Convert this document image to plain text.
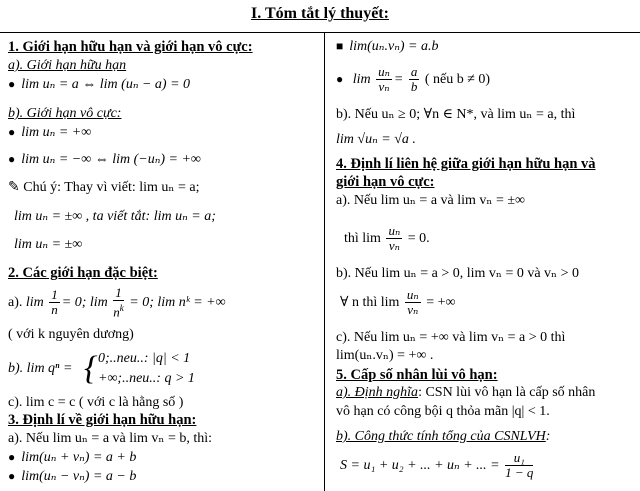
I. Tóm tắt lý thuyết:
1. Giới hạn hữu hạn và giới hạn vô cực:
a). Giới hạn hữu hạn
● lim uₙ = a ⇔ lim (uₙ − a) = 0
b). Giới hạn vô cực:
● lim uₙ = +∞
● lim uₙ = −∞ ⇔ lim (−uₙ) = +∞
✎ Chú ý: Thay vì viết: lim uₙ = a;
lim uₙ = ±∞ , ta viết tắt: lim uₙ = a;
lim uₙ = ±∞
2. Các giới hạn đặc biệt:
a). $\lim \frac{1}{n} = 0$; $\lim \frac{1}{n^k} = 0$; lim nᵏ = +∞
( với k nguyên dương)
b). lim qⁿ = { 0;..neu..: |q| < 1
+∞;..neu..: q > 1
c). lim c = c ( với c là hằng số )
3. Định lí về giới hạn hữu hạn:
a). Nếu lim uₙ = a và lim vₙ = b, thì:
● lim(uₙ + vₙ) = a + b
● lim(uₙ − vₙ) = a − b
■ lim(uₙ.vₙ) = a.b
● $\lim \frac{\text{uₙ}}{\text{vₙ}} = \frac{a}{b}$ ( nếu b ≠ 0)
b). Nếu uₙ ≥ 0; ∀n ∈ N*, và lim uₙ = a, thì
lim √uₙ = √a .
4. Định lí liên hệ giữa giới hạn hữu hạn và
giới hạn vô cực:
a). Nếu lim uₙ = a và lim vₙ = ±∞
thì $\lim \frac{\text{uₙ}}{\text{vₙ}} = 0$.
b). Nếu lim uₙ = a > 0, lim vₙ = 0 và vₙ > 0
∀ n thì $\lim \frac{\text{uₙ}}{\text{vₙ}}$ = +∞
c). Nếu lim uₙ = +∞ và lim vₙ = a > 0 thì
lim(uₙ.vₙ) = +∞ .
5. Cấp số nhân lùi vô hạn:
a). Định nghĩa: CSN lùi vô hạn là cấp số nhân
vô hạn có công bội q thỏa mãn |q| < 1.
b). Công thức tính tổng của CSNLVH:
S = u₁ + u₂ + ... + uₙ + ... = $\frac{\text{u₁}}{1 - q}$
